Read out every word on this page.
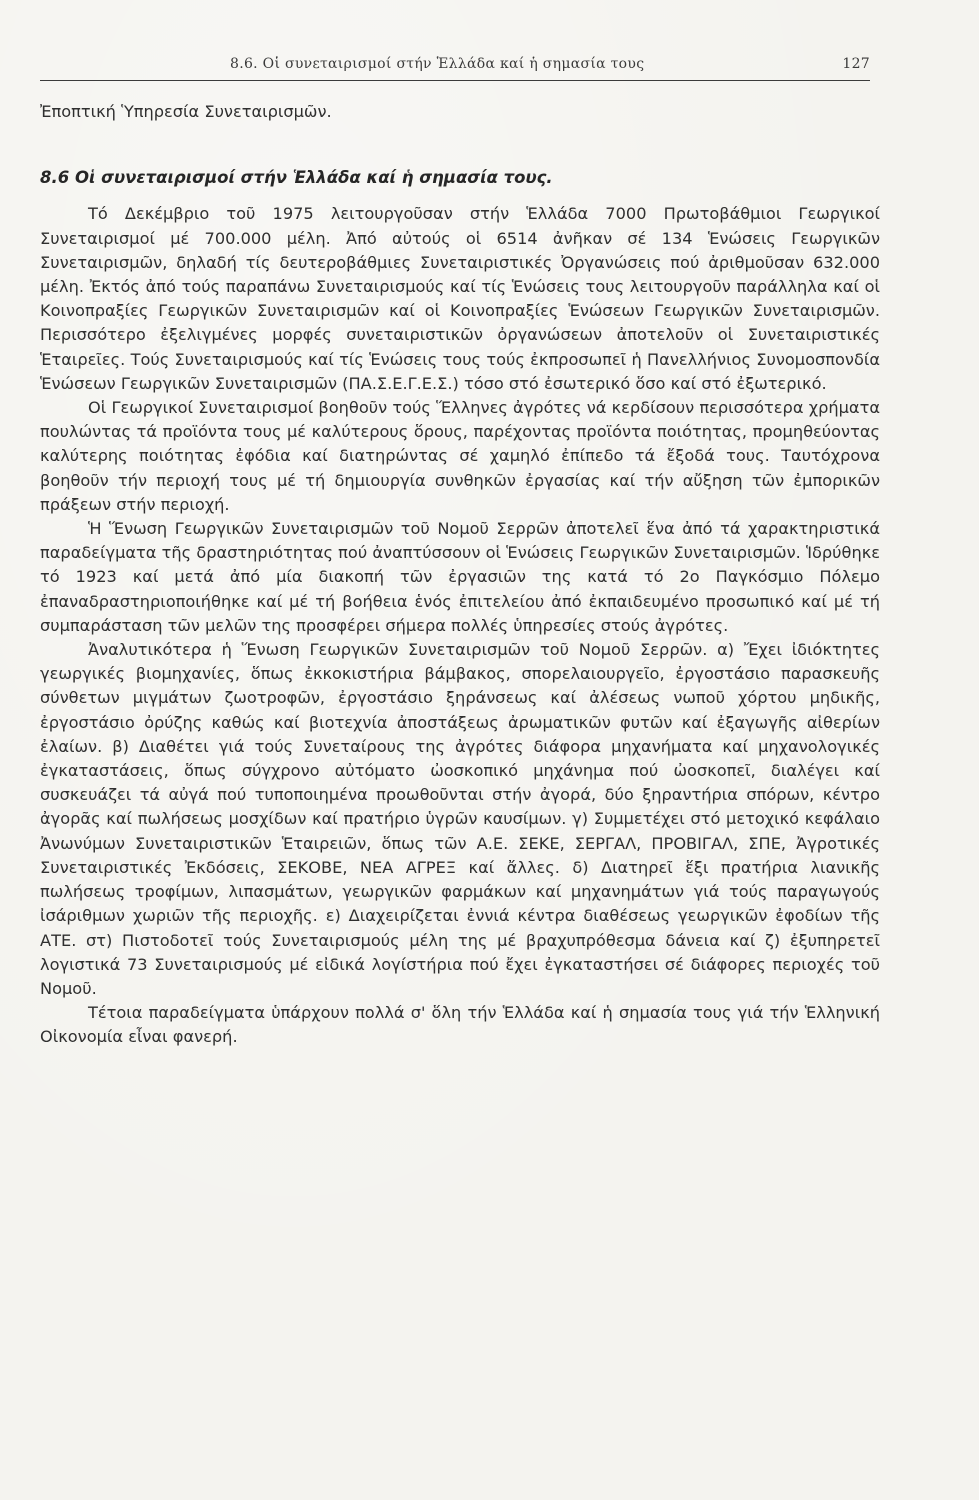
8.6. Οἱ συνεταιρισμοί στήν Ἑλλάδα καί ἡ σημασία τους	127

Ἐποπτική Ὑπηρεσία Συνεταιρισμῶν.

8.6 Οἱ συνεταιρισμοί στήν Ἑλλάδα καί ἡ σημασία τους.

Τό Δεκέμβριο τοῦ 1975 λειτουργοῦσαν στήν Ἑλλάδα 7000 Πρωτοβάθμιοι Γεωργικοί Συνεταιρισμοί μέ 700.000 μέλη. Ἀπό αὐτούς οἱ 6514 ἀνῆκαν σέ 134 Ἑνώσεις Γεωργικῶν Συνεταιρισμῶν, δηλαδή τίς δευτεροβάθμιες Συνεταιριστικές Ὀργανώσεις πού ἀριθμοῦσαν 632.000 μέλη. Ἐκτός ἀπό τούς παραπάνω Συνεταιρισμούς καί τίς Ἑνώσεις τους λειτουργοῦν παράλληλα καί οἱ Κοινοπραξίες Γεωργικῶν Συνεταιρισμῶν καί οἱ Κοινοπραξίες Ἑνώσεων Γεωργικῶν Συνεταιρισμῶν. Περισσότερο ἐξελιγμένες μορφές συνεταιριστικῶν ὀργανώσεων ἀποτελοῦν οἱ Συνεταιριστικές Ἑταιρεῖες. Τούς Συνεταιρισμούς καί τίς Ἑνώσεις τους τούς ἐκπροσωπεῖ ἡ Πανελλήνιος Συνομοσπονδία Ἑνώσεων Γεωργικῶν Συνεταιρισμῶν (ΠΑ.Σ.Ε.Γ.Ε.Σ.) τόσο στό ἐσωτερικό ὅσο καί στό ἐξωτερικό.

Οἱ Γεωργικοί Συνεταιρισμοί βοηθοῦν τούς Ἕλληνες ἀγρότες νά κερδίσουν περισσότερα χρήματα πουλώντας τά προϊόντα τους μέ καλύτερους ὅρους, παρέχοντας προϊόντα ποιότητας, προμηθεύοντας καλύτερης ποιότητας ἐφόδια καί διατηρώντας σέ χαμηλό ἐπίπεδο τά ἔξοδά τους. Ταυτόχρονα βοηθοῦν τήν περιοχή τους μέ τή δημιουργία συνθηκῶν ἐργασίας καί τήν αὔξηση τῶν ἐμπορικῶν πράξεων στήν περιοχή.

Ἡ Ἕνωση Γεωργικῶν Συνεταιρισμῶν τοῦ Νομοῦ Σερρῶν ἀποτελεῖ ἕνα ἀπό τά χαρακτηριστικά παραδείγματα τῆς δραστηριότητας πού ἀναπτύσσουν οἱ Ἑνώσεις Γεωργικῶν Συνεταιρισμῶν. Ἱδρύθηκε τό 1923 καί μετά ἀπό μία διακοπή τῶν ἐργασιῶν της κατά τό 2ο Παγκόσμιο Πόλεμο ἐπαναδραστηριοποιήθηκε καί μέ τή βοήθεια ἑνός ἐπιτελείου ἀπό ἐκπαιδευμένο προσωπικό καί μέ τή συμπαράσταση τῶν μελῶν της προσφέρει σήμερα πολλές ὑπηρεσίες στούς ἀγρότες.

Ἀναλυτικότερα ἡ Ἕνωση Γεωργικῶν Συνεταιρισμῶν τοῦ Νομοῦ Σερρῶν. α) Ἔχει ἰδιόκτητες γεωργικές βιομηχανίες, ὅπως ἐκκοκιστήρια βάμβακος, σπορελαιουργεῖο, ἐργοστάσιο παρασκευῆς σύνθετων μιγμάτων ζωοτροφῶν, ἐργοστάσιο ξηράνσεως καί ἀλέσεως νωποῦ χόρτου μηδικῆς, ἐργοστάσιο ὀρύζης καθώς καί βιοτεχνία ἀποστάξεως ἀρωματικῶν φυτῶν καί ἐξαγωγῆς αἰθερίων ἐλαίων. β) Διαθέτει γιά τούς Συνεταίρους της ἀγρότες διάφορα μηχανήματα καί μηχανολογικές ἐγκαταστάσεις, ὅπως σύγχρονο αὐτόματο ὠοσκοπικό μηχάνημα πού ὠοσκοπεῖ, διαλέγει καί συσκευάζει τά αὐγά πού τυποποιημένα προωθοῦνται στήν ἀγορά, δύο ξηραντήρια σπόρων, κέντρο ἀγορᾶς καί πωλήσεως μοσχίδων καί πρατήριο ὑγρῶν καυσίμων. γ) Συμμετέχει στό μετοχικό κεφάλαιο Ἀνωνύμων Συνεταιριστικῶν Ἑταιρειῶν, ὅπως τῶν Α.Ε. ΣΕΚΕ, ΣΕΡΓΑΛ, ΠΡΟΒΙΓΑΛ, ΣΠΕ, Ἀγροτικές Συνεταιριστικές Ἐκδόσεις, ΣΕΚΟΒΕ, ΝΕΑ ΑΓΡΕΞ καί ἄλλες. δ) Διατηρεῖ ἕξι πρατήρια λιανικῆς πωλήσεως τροφίμων, λιπασμάτων, γεωργικῶν φαρμάκων καί μηχανημάτων γιά τούς παραγωγούς ἰσάριθμων χωριῶν τῆς περιοχῆς. ε) Διαχειρίζεται ἐννιά κέντρα διαθέσεως γεωργικῶν ἐφοδίων τῆς ΑΤΕ. στ) Πιστοδοτεῖ τούς Συνεταιρισμούς μέλη της μέ βραχυπρόθεσμα δάνεια καί ζ) ἐξυπηρετεῖ λογιστικά 73 Συνεταιρισμούς μέ εἰδικά λογίστήρια πού ἔχει ἐγκαταστήσει σέ διάφορες περιοχές τοῦ Νομοῦ.

Τέτοια παραδείγματα ὑπάρχουν πολλά σ' ὅλη τήν Ἑλλάδα καί ἡ σημασία τους γιά τήν Ἑλληνική Οἰκονομία εἶναι φανερή.
